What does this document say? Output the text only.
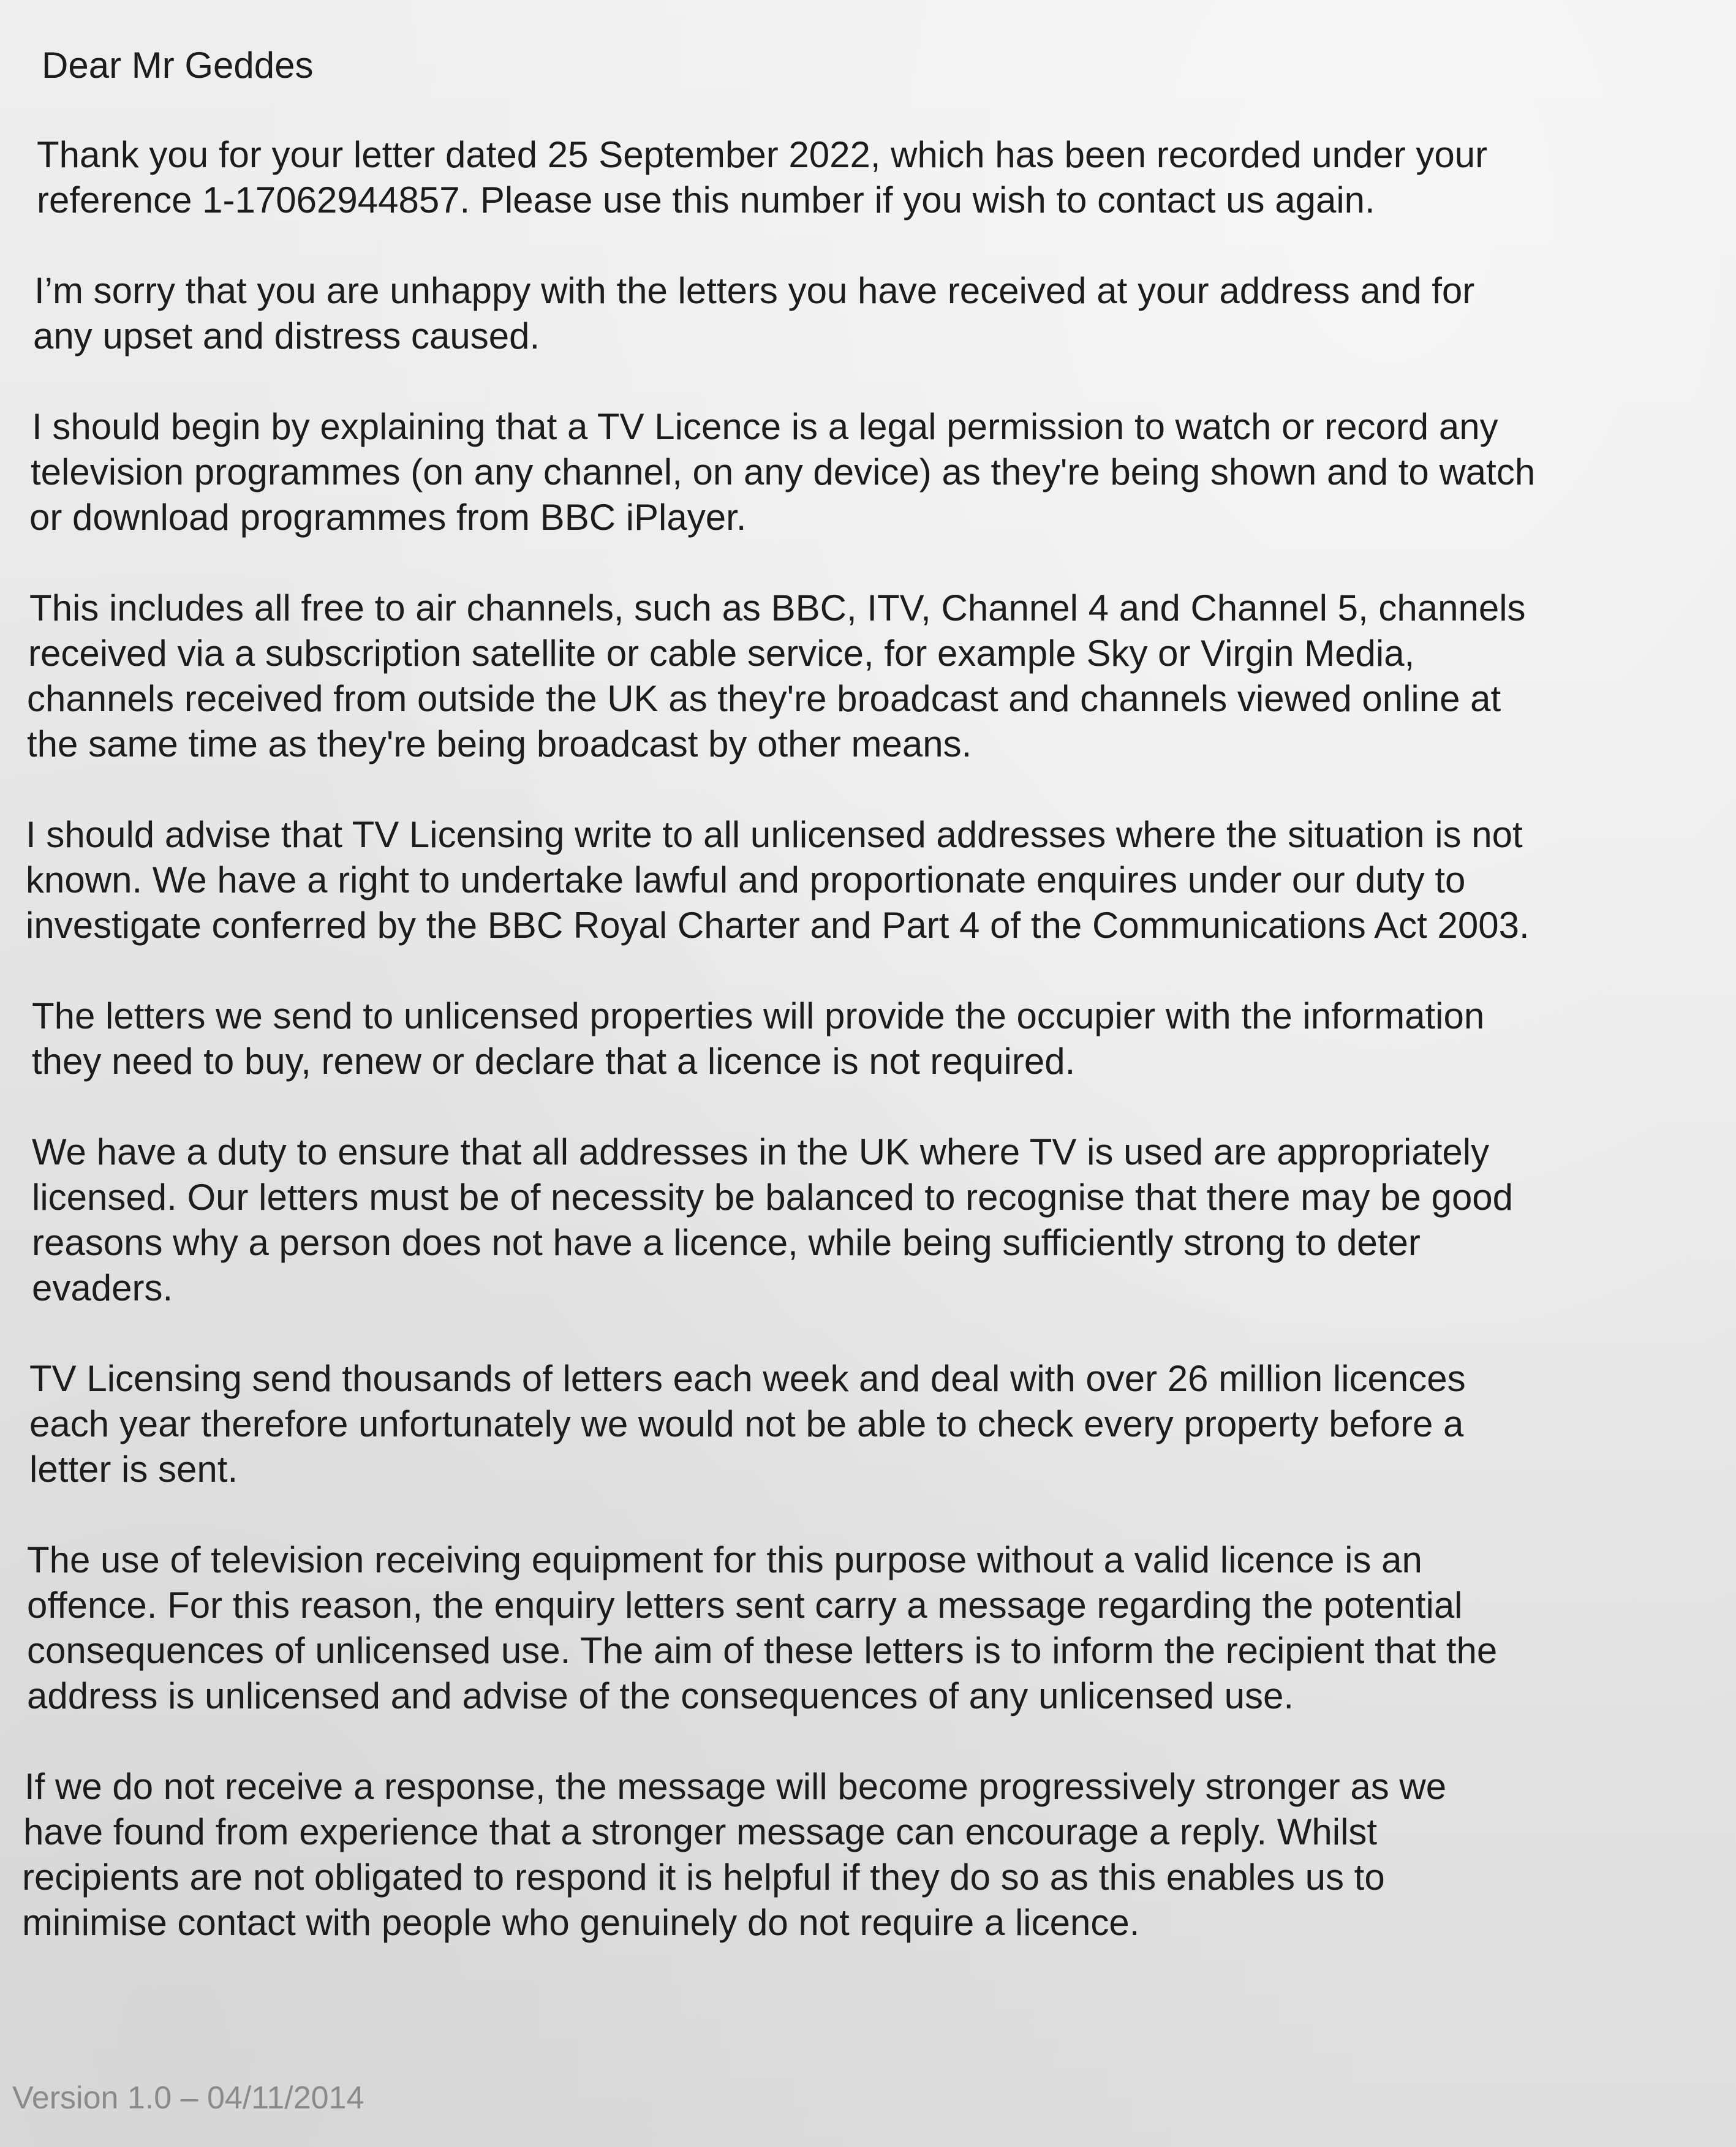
Dear Mr Geddes

Thank you for your letter dated 25 September 2022, which has been recorded under your

reference 1-17062944857. Please use this number if you wish to contact us again.

I’m sorry that you are unhappy with the letters you have received at your address and for

any upset and distress caused.

I should begin by explaining that a TV Licence is a legal permission to watch or record any

television programmes (on any channel, on any device) as they're being shown and to watch

or download programmes from BBC iPlayer.

This includes all free to air channels, such as BBC, ITV, Channel 4 and Channel 5, channels

received via a subscription satellite or cable service, for example Sky or Virgin Media,

channels received from outside the UK as they're broadcast and channels viewed online at

the same time as they're being broadcast by other means.

I should advise that TV Licensing write to all unlicensed addresses where the situation is not

known. We have a right to undertake lawful and proportionate enquires under our duty to

investigate conferred by the BBC Royal Charter and Part 4 of the Communications Act 2003.

The letters we send to unlicensed properties will provide the occupier with the information

they need to buy, renew or declare that a licence is not required.

We have a duty to ensure that all addresses in the UK where TV is used are appropriately

licensed. Our letters must be of necessity be balanced to recognise that there may be good

reasons why a person does not have a licence, while being sufficiently strong to deter

evaders.

TV Licensing send thousands of letters each week and deal with over 26 million licences

each year therefore unfortunately we would not be able to check every property before a

letter is sent.

The use of television receiving equipment for this purpose without a valid licence is an

offence. For this reason, the enquiry letters sent carry a message regarding the potential

consequences of unlicensed use. The aim of these letters is to inform the recipient that the

address is unlicensed and advise of the consequences of any unlicensed use.

If we do not receive a response, the message will become progressively stronger as we

have found from experience that a stronger message can encourage a reply. Whilst

recipients are not obligated to respond it is helpful if they do so as this enables us to

minimise contact with people who genuinely do not require a licence.

Version 1.0 – 04/11/2014
